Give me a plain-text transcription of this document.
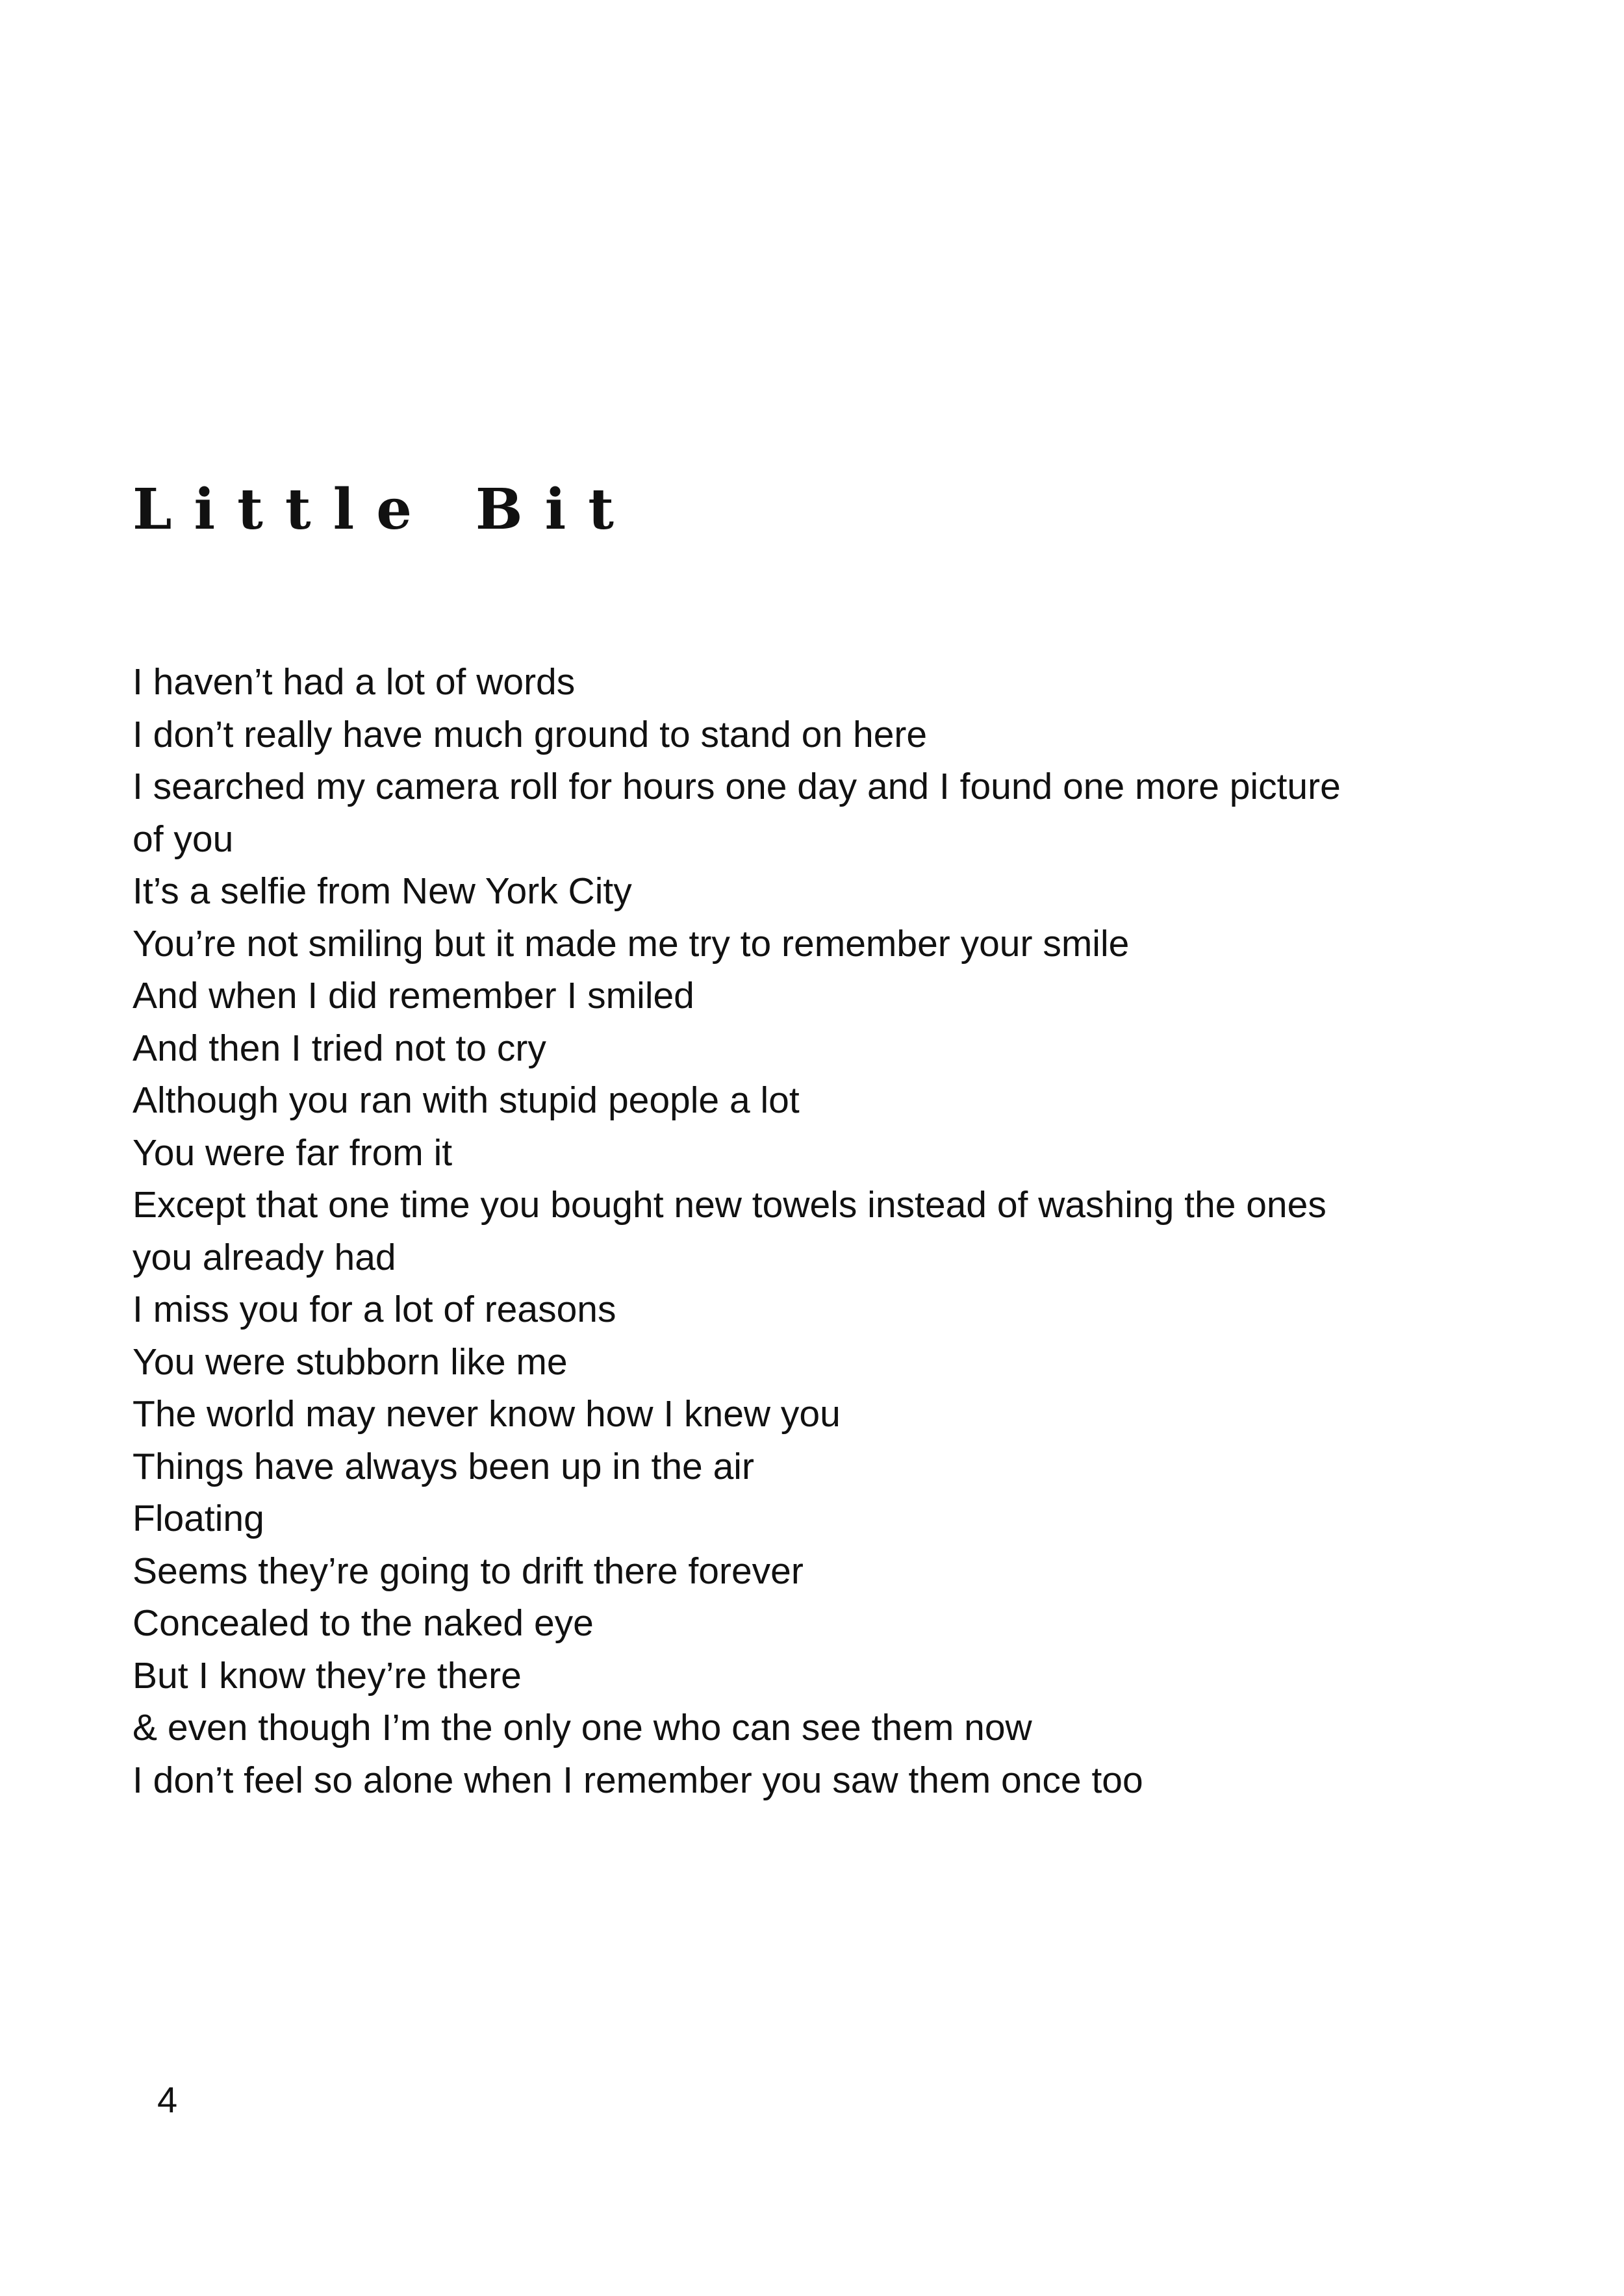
Little Bit
I haven’t had a lot of words
I don’t really have much ground to stand on here
I searched my camera roll for hours one day and I found one more picture
of you
It’s a selfie from New York City
You’re not smiling but it made me try to remember your smile
And when I did remember I smiled
And then I tried not to cry
Although you ran with stupid people a lot
You were far from it
Except that one time you bought new towels instead of washing the ones
you already had
I miss you for a lot of reasons
You were stubborn like me
The world may never know how I knew you
Things have always been up in the air
Floating
Seems they’re going to drift there forever
Concealed to the naked eye
But I know they’re there
& even though I’m the only one who can see them now
I don’t feel so alone when I remember you saw them once too
4
